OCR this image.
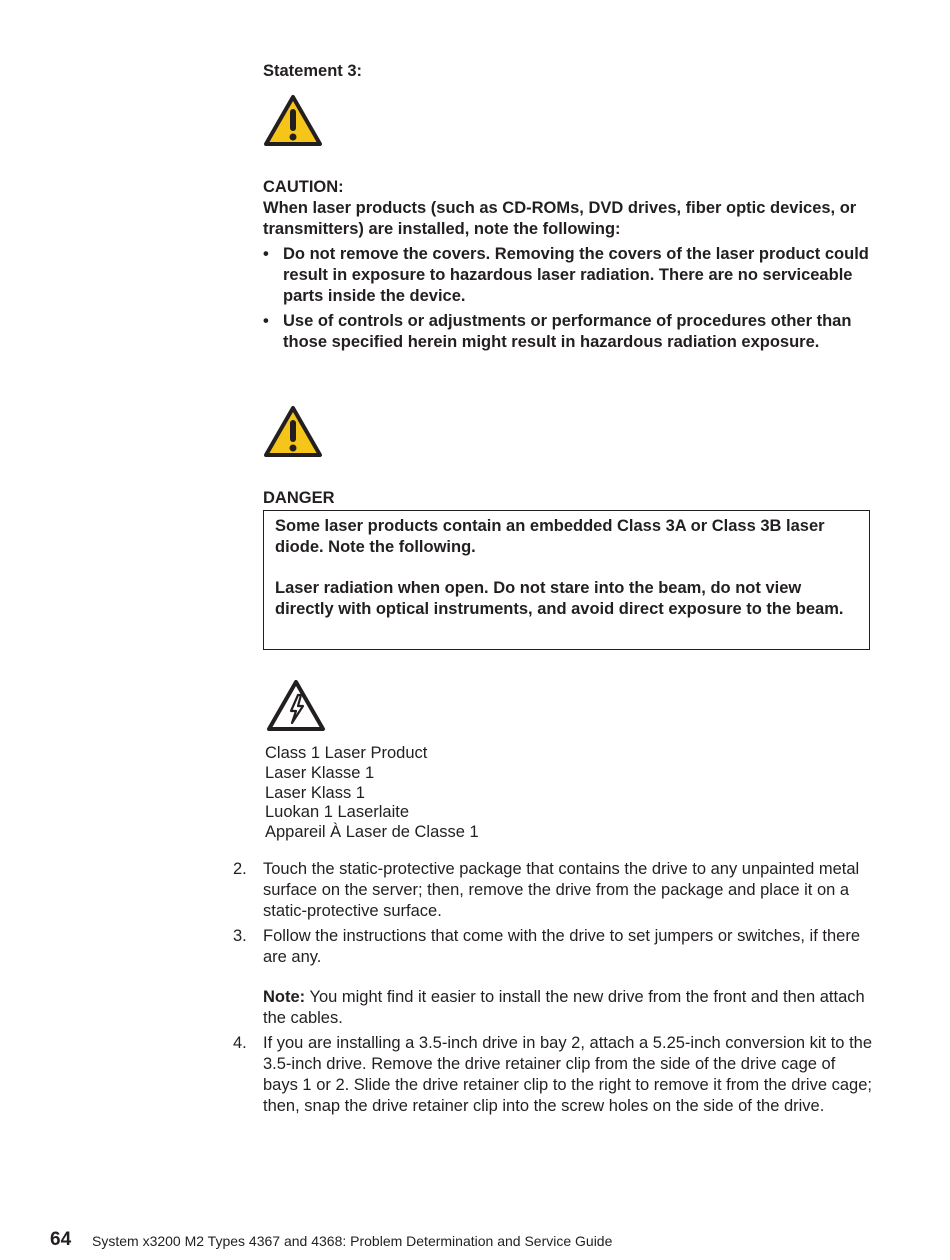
Statement 3:
CAUTION:
When laser products (such as CD-ROMs, DVD drives, fiber optic devices, or transmitters) are installed, note the following:
• Do not remove the covers. Removing the covers of the laser product could result in exposure to hazardous laser radiation. There are no serviceable parts inside the device.
• Use of controls or adjustments or performance of procedures other than those specified herein might result in hazardous radiation exposure.
DANGER
Some laser products contain an embedded Class 3A or Class 3B laser diode. Note the following.
Laser radiation when open. Do not stare into the beam, do not view directly with optical instruments, and avoid direct exposure to the beam.
Class 1 Laser Product
Laser Klasse 1
Laser Klass 1
Luokan 1 Laserlaite
Appareil À Laser de Classe 1
2. Touch the static-protective package that contains the drive to any unpainted metal surface on the server; then, remove the drive from the package and place it on a static-protective surface.
3. Follow the instructions that come with the drive to set jumpers or switches, if there are any.
Note: You might find it easier to install the new drive from the front and then attach the cables.
4. If you are installing a 3.5-inch drive in bay 2, attach a 5.25-inch conversion kit to the 3.5-inch drive. Remove the drive retainer clip from the side of the drive cage of bays 1 or 2. Slide the drive retainer clip to the right to remove it from the drive cage; then, snap the drive retainer clip into the screw holes on the side of the drive.
64 System x3200 M2 Types 4367 and 4368: Problem Determination and Service Guide
